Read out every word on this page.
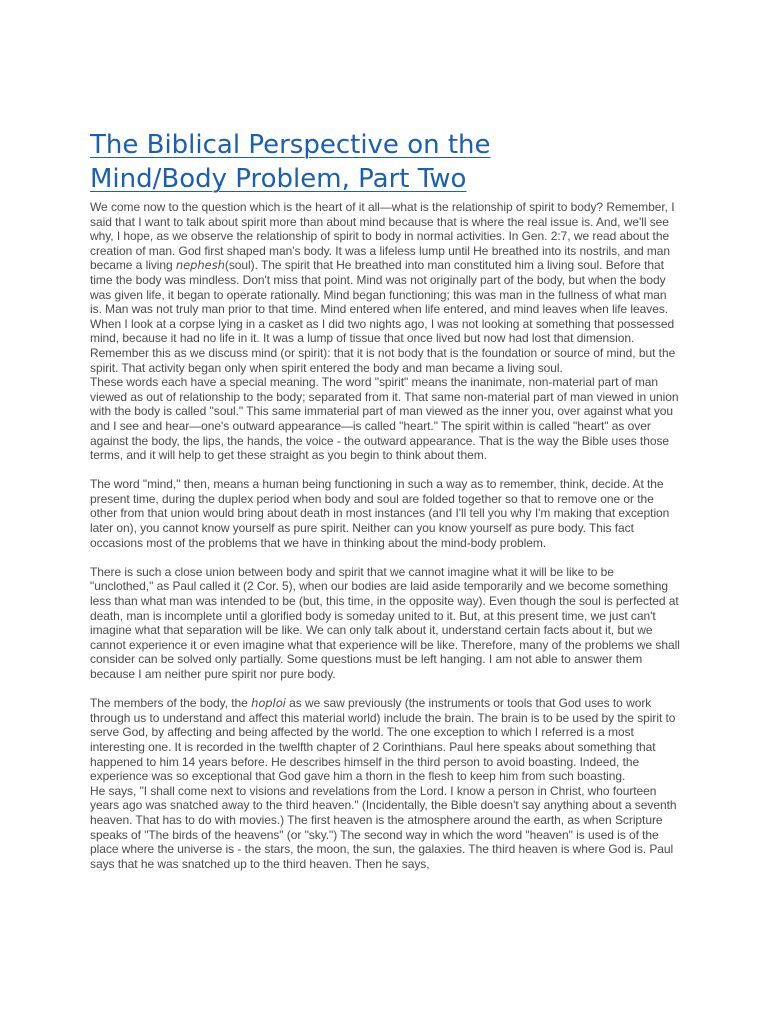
The Biblical Perspective on the
Mind/Body Problem, Part Two

We come now to the question which is the heart of it all—what is the relationship of spirit to body? Remember, I said that I want to talk about spirit more than about mind because that is where the real issue is. And, we'll see why, I hope, as we observe the relationship of spirit to body in normal activities. In Gen. 2:7, we read about the creation of man. God first shaped man's body. It was a lifeless lump until He breathed into its nostrils, and man became a living nephesh(soul). The spirit that He breathed into man constituted him a living soul. Before that time the body was mindless. Don't miss that point. Mind was not originally part of the body, but when the body was given life, it began to operate rationally. Mind began functioning; this was man in the fullness of what man is. Man was not truly man prior to that time. Mind entered when life entered, and mind leaves when life leaves. When I look at a corpse lying in a casket as I did two nights ago, I was not looking at something that possessed mind, because it had no life in it. It was a lump of tissue that once lived but now had lost that dimension. Remember this as we discuss mind (or spirit): that it is not body that is the foundation or source of mind, but the spirit. That activity began only when spirit entered the body and man became a living soul.

These words each have a special meaning. The word "spirit" means the inanimate, non-material part of man viewed as out of relationship to the body; separated from it. That same non-material part of man viewed in union with the body is called "soul." This same immaterial part of man viewed as the inner you, over against what you and I see and hear—one's outward appearance—is called "heart." The spirit within is called "heart" as over against the body, the lips, the hands, the voice - the outward appearance. That is the way the Bible uses those terms, and it will help to get these straight as you begin to think about them.

The word "mind," then, means a human being functioning in such a way as to remember, think, decide. At the present time, during the duplex period when body and soul are folded together so that to remove one or the other from that union would bring about death in most instances (and I'll tell you why I'm making that exception later on), you cannot know yourself as pure spirit. Neither can you know yourself as pure body. This fact occasions most of the problems that we have in thinking about the mind-body problem.

There is such a close union between body and spirit that we cannot imagine what it will be like to be "unclothed," as Paul called it (2 Cor. 5), when our bodies are laid aside temporarily and we become something less than what man was intended to be (but, this time, in the opposite way). Even though the soul is perfected at death, man is incomplete until a glorified body is someday united to it. But, at this present time, we just can't imagine what that separation will be like. We can only talk about it, understand certain facts about it, but we cannot experience it or even imagine what that experience will be like. Therefore, many of the problems we shall consider can be solved only partially. Some questions must be left hanging. I am not able to answer them because I am neither pure spirit nor pure body.

The members of the body, the hoploi as we saw previously (the instruments or tools that God uses to work through us to understand and affect this material world) include the brain. The brain is to be used by the spirit to serve God, by affecting and being affected by the world. The one exception to which I referred is a most interesting one. It is recorded in the twelfth chapter of 2 Corinthians. Paul here speaks about something that happened to him 14 years before. He describes himself in the third person to avoid boasting. Indeed, the experience was so exceptional that God gave him a thorn in the flesh to keep him from such boasting.

He says, "I shall come next to visions and revelations from the Lord. I know a person in Christ, who fourteen years ago was snatched away to the third heaven." (Incidentally, the Bible doesn't say anything about a seventh heaven. That has to do with movies.) The first heaven is the atmosphere around the earth, as when Scripture speaks of "The birds of the heavens" (or "sky.") The second way in which the word "heaven" is used is of the place where the universe is - the stars, the moon, the sun, the galaxies. The third heaven is where God is. Paul says that he was snatched up to the third heaven. Then he says,
